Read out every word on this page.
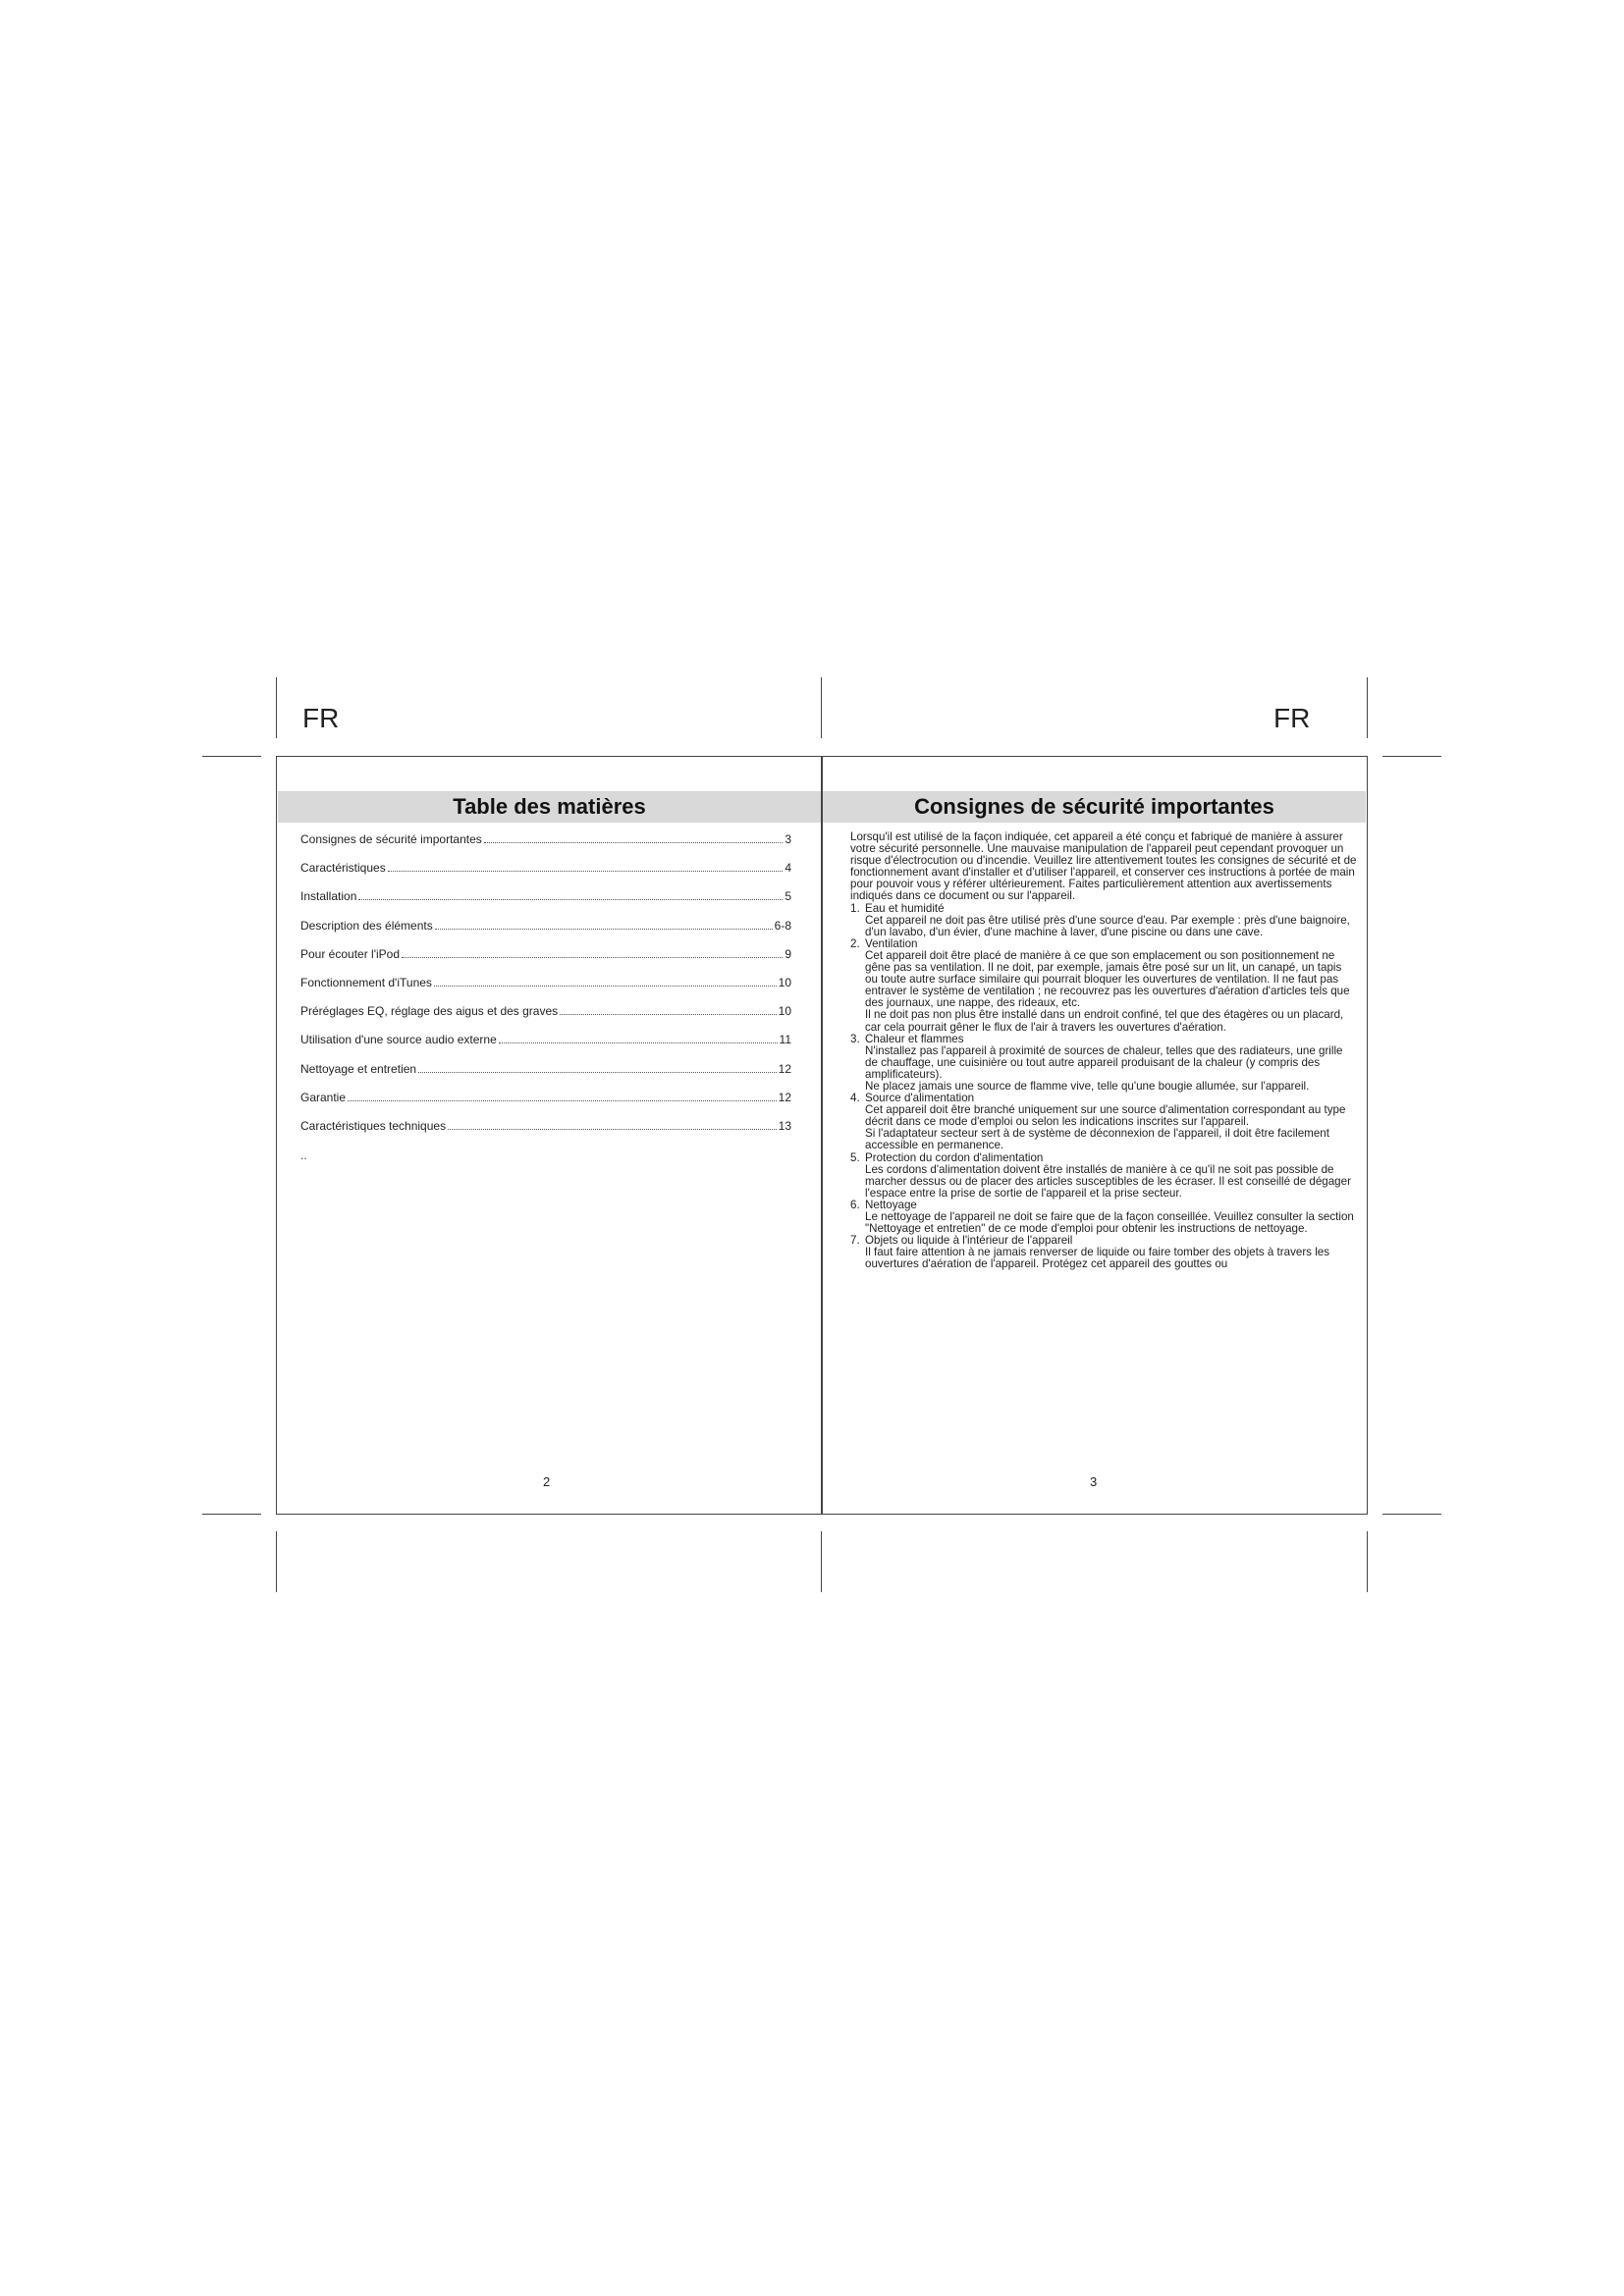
FR	FR
Table des matières
Consignes de sécurité importantes	3
Caractéristiques	4
Installation	5
Description des éléments	6-8
Pour écouter l'iPod	9
Fonctionnement d'iTunes	10
Préréglages EQ, réglage des aigus et des graves	10
Utilisation d'une source audio externe	11
Nettoyage et entretien	12
Garantie	12
Caractéristiques techniques	13
..
2
Consignes de sécurité importantes

Lorsqu'il est utilisé de la façon indiquée, cet appareil a été conçu et fabriqué de manière à assurer votre sécurité personnelle. Une mauvaise manipulation de l'appareil peut cependant provoquer un risque d'électrocution ou d'incendie. Veuillez lire attentivement toutes les consignes de sécurité et de fonctionnement avant d'installer et d'utiliser l'appareil, et conserver ces instructions à portée de main pour pouvoir vous y référer ultérieurement. Faites particulièrement attention aux avertissements indiqués dans ce document ou sur l'appareil.

1. Eau et humidité

Cet appareil ne doit pas être utilisé près d'une source d'eau. Par exemple : près d'une baignoire, d'un lavabo, d'un évier, d'une machine à laver, d'une piscine ou dans une cave.

2. Ventilation

Cet appareil doit être placé de manière à ce que son emplacement ou son positionnement ne gêne pas sa ventilation. Il ne doit, par exemple, jamais être posé sur un lit, un canapé, un tapis ou toute autre surface similaire qui pourrait bloquer les ouvertures de ventilation. Il ne faut pas entraver le système de ventilation ; ne recouvrez pas les ouvertures d'aération d'articles tels que des journaux, une nappe, des rideaux, etc.

Il ne doit pas non plus être installé dans un endroit confiné, tel que des étagères ou un placard, car cela pourrait gêner le flux de l'air à travers les ouvertures d'aération.

3. Chaleur et flammes

N'installez pas l'appareil à proximité de sources de chaleur, telles que des radiateurs, une grille de chauffage, une cuisinière ou tout autre appareil produisant de la chaleur (y compris des amplificateurs).

Ne placez jamais une source de flamme vive, telle qu'une bougie allumée, sur l'appareil.

4. Source d'alimentation

Cet appareil doit être branché uniquement sur une source d'alimentation correspondant au type décrit dans ce mode d'emploi ou selon les indications inscrites sur l'appareil.

Si l'adaptateur secteur sert à de système de déconnexion de l'appareil, il doit être facilement accessible en permanence.

5. Protection du cordon d'alimentation

Les cordons d'alimentation doivent être installés de manière à ce qu'il ne soit pas possible de marcher dessus ou de placer des articles susceptibles de les écraser. Il est conseillé de dégager l'espace entre la prise de sortie de l'appareil et la prise secteur.

6. Nettoyage

Le nettoyage de l'appareil ne doit se faire que de la façon conseillée. Veuillez consulter la section "Nettoyage et entretien" de ce mode d'emploi pour obtenir les instructions de nettoyage.

7. Objets ou liquide à l'intérieur de l'appareil

Il faut faire attention à ne jamais renverser de liquide ou faire tomber des objets à travers les ouvertures d'aération de l'appareil. Protégez cet appareil des gouttes ou

3
